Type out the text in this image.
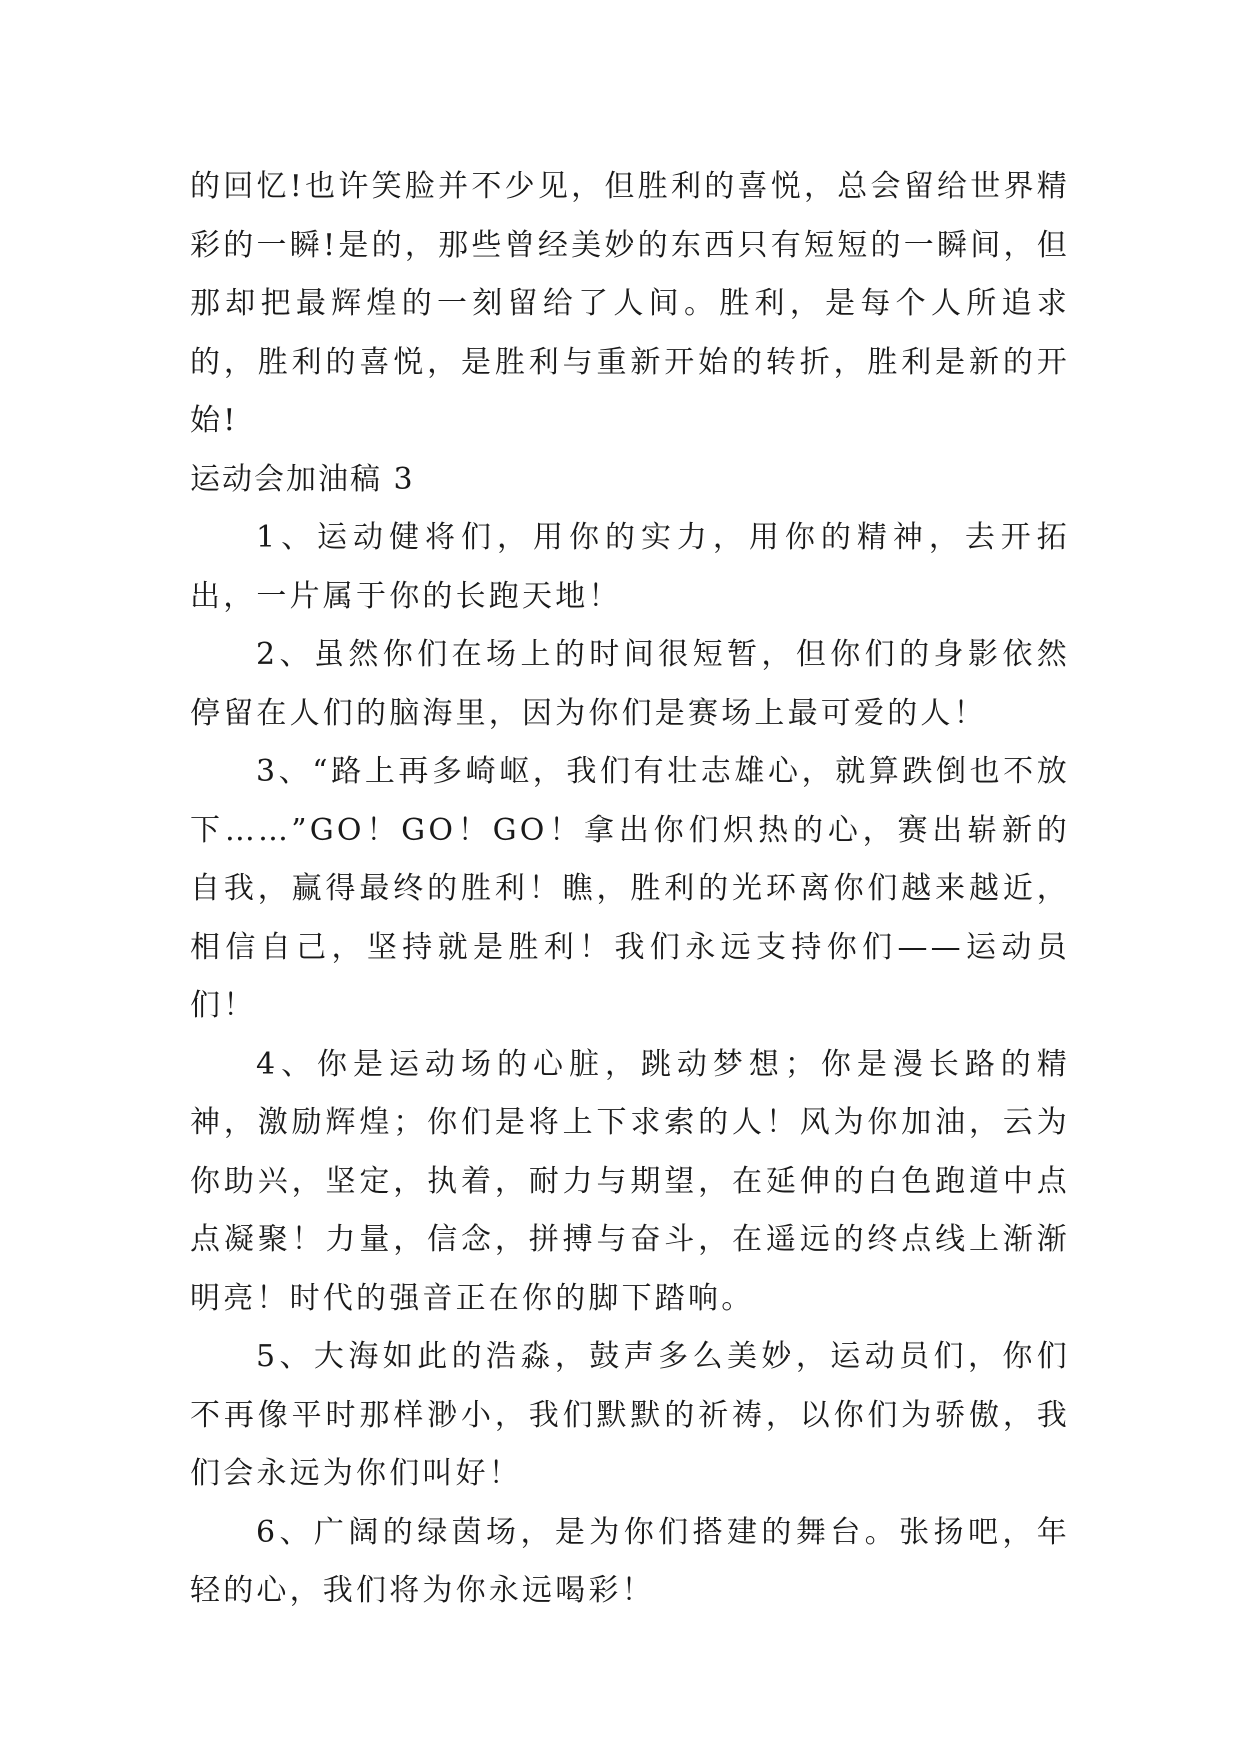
的回忆!也许笑脸并不少见，但胜利的喜悦，总会留给世界精彩的一瞬!是的，那些曾经美妙的东西只有短短的一瞬间，但那却把最辉煌的一刻留给了人间。胜利，是每个人所追求的，胜利的喜悦，是胜利与重新开始的转折，胜利是新的开始!

运动会加油稿 3

1、运动健将们，用你的实力，用你的精神，去开拓出，一片属于你的长跑天地！

2、虽然你们在场上的时间很短暂，但你们的身影依然停留在人们的脑海里，因为你们是赛场上最可爱的人！

3、“路上再多崎岖，我们有壮志雄心，就算跌倒也不放下……”GO！GO！GO！拿出你们炽热的心，赛出崭新的自我，赢得最终的胜利！瞧，胜利的光环离你们越来越近，相信自己，坚持就是胜利！我们永远支持你们——运动员们！

4、你是运动场的心脏，跳动梦想；你是漫长路的精神，激励辉煌；你们是将上下求索的人！风为你加油，云为你助兴，坚定，执着，耐力与期望，在延伸的白色跑道中点点凝聚！力量，信念，拼搏与奋斗，在遥远的终点线上渐渐明亮！时代的强音正在你的脚下踏响。

5、大海如此的浩淼，鼓声多么美妙，运动员们，你们不再像平时那样渺小，我们默默的祈祷，以你们为骄傲，我们会永远为你们叫好！

6、广阔的绿茵场，是为你们搭建的舞台。张扬吧，年轻的心，我们将为你永远喝彩！
